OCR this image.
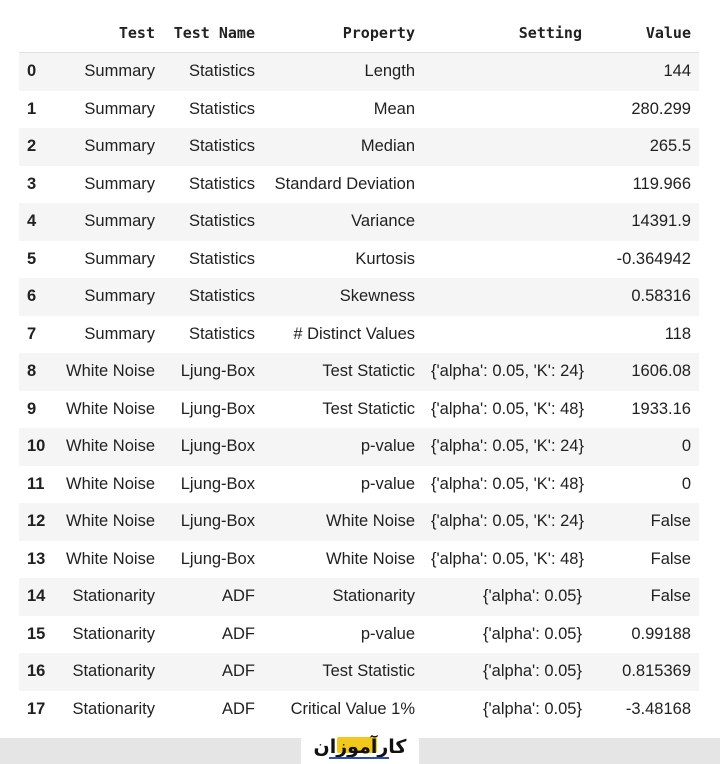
	Test	Test Name	Property	Setting	Value
0	Summary	Statistics	Length		144
1	Summary	Statistics	Mean		280.299
2	Summary	Statistics	Median		265.5
3	Summary	Statistics	Standard Deviation		119.966
4	Summary	Statistics	Variance		14391.9
5	Summary	Statistics	Kurtosis		-0.364942
6	Summary	Statistics	Skewness		0.58316
7	Summary	Statistics	# Distinct Values		118
8	White Noise	Ljung-Box	Test Statictic	{'alpha': 0.05, 'K': 24}	1606.08
9	White Noise	Ljung-Box	Test Statictic	{'alpha': 0.05, 'K': 48}	1933.16
10	White Noise	Ljung-Box	p-value	{'alpha': 0.05, 'K': 24}	0
11	White Noise	Ljung-Box	p-value	{'alpha': 0.05, 'K': 48}	0
12	White Noise	Ljung-Box	White Noise	{'alpha': 0.05, 'K': 24}	False
13	White Noise	Ljung-Box	White Noise	{'alpha': 0.05, 'K': 48}	False
14	Stationarity	ADF	Stationarity	{'alpha': 0.05}	False
15	Stationarity	ADF	p-value	{'alpha': 0.05}	0.99188
16	Stationarity	ADF	Test Statistic	{'alpha': 0.05}	0.815369
17	Stationarity	ADF	Critical Value 1%	{'alpha': 0.05}	-3.48168
کارآموزان
